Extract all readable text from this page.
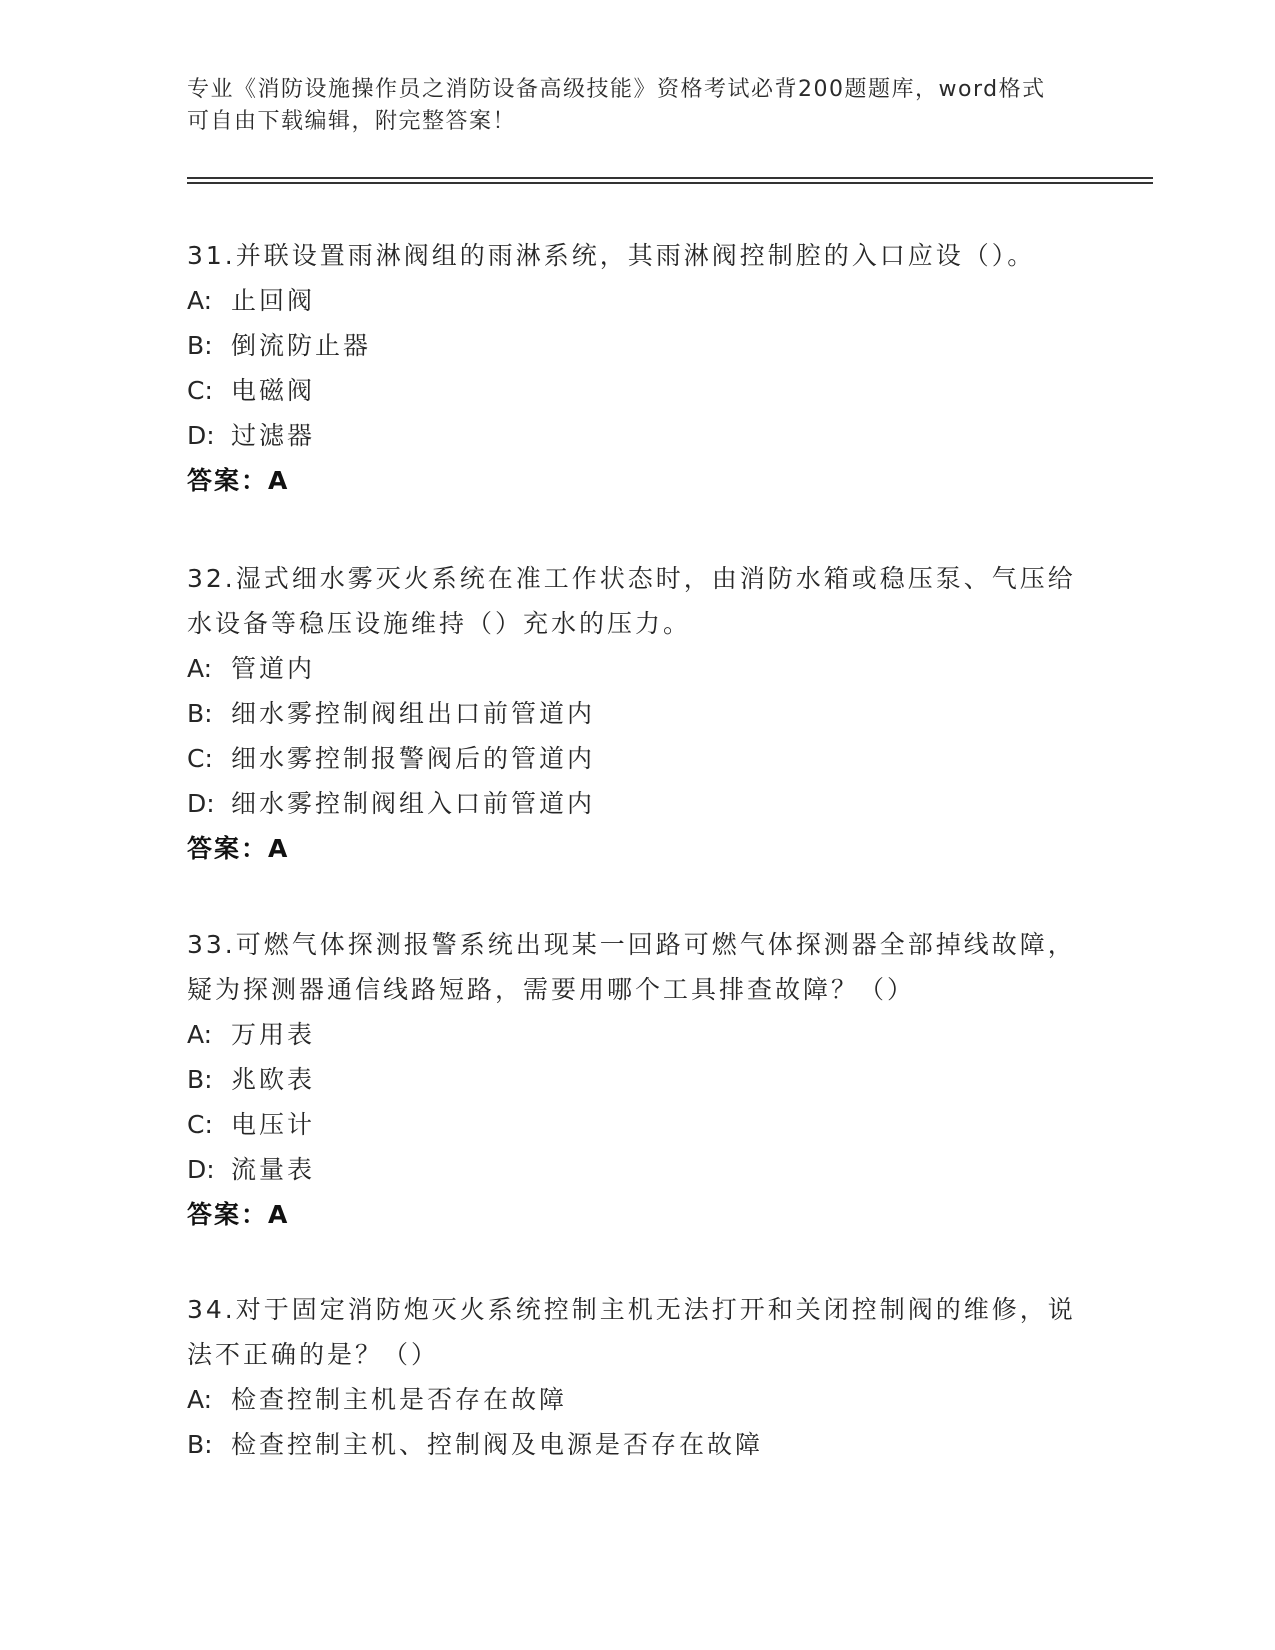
专业《消防设施操作员之消防设备高级技能》资格考试必背200题题库，word格式可自由下载编辑，附完整答案！

31.并联设置雨淋阀组的雨淋系统，其雨淋阀控制腔的入口应设（）。

A: 止回阀
B: 倒流防止器
C: 电磁阀
D: 过滤器
答案：A

32.湿式细水雾灭火系统在准工作状态时，由消防水箱或稳压泵、气压给水设备等稳压设施维持（）充水的压力。

A: 管道内
B: 细水雾控制阀组出口前管道内
C: 细水雾控制报警阀后的管道内
D: 细水雾控制阀组入口前管道内
答案：A

33.可燃气体探测报警系统出现某一回路可燃气体探测器全部掉线故障，疑为探测器通信线路短路，需要用哪个工具排查故障？（）

A: 万用表
B: 兆欧表
C: 电压计
D: 流量表
答案：A

34.对于固定消防炮灭火系统控制主机无法打开和关闭控制阀的维修，说法不正确的是？（）

A: 检查控制主机是否存在故障
B: 检查控制主机、控制阀及电源是否存在故障
